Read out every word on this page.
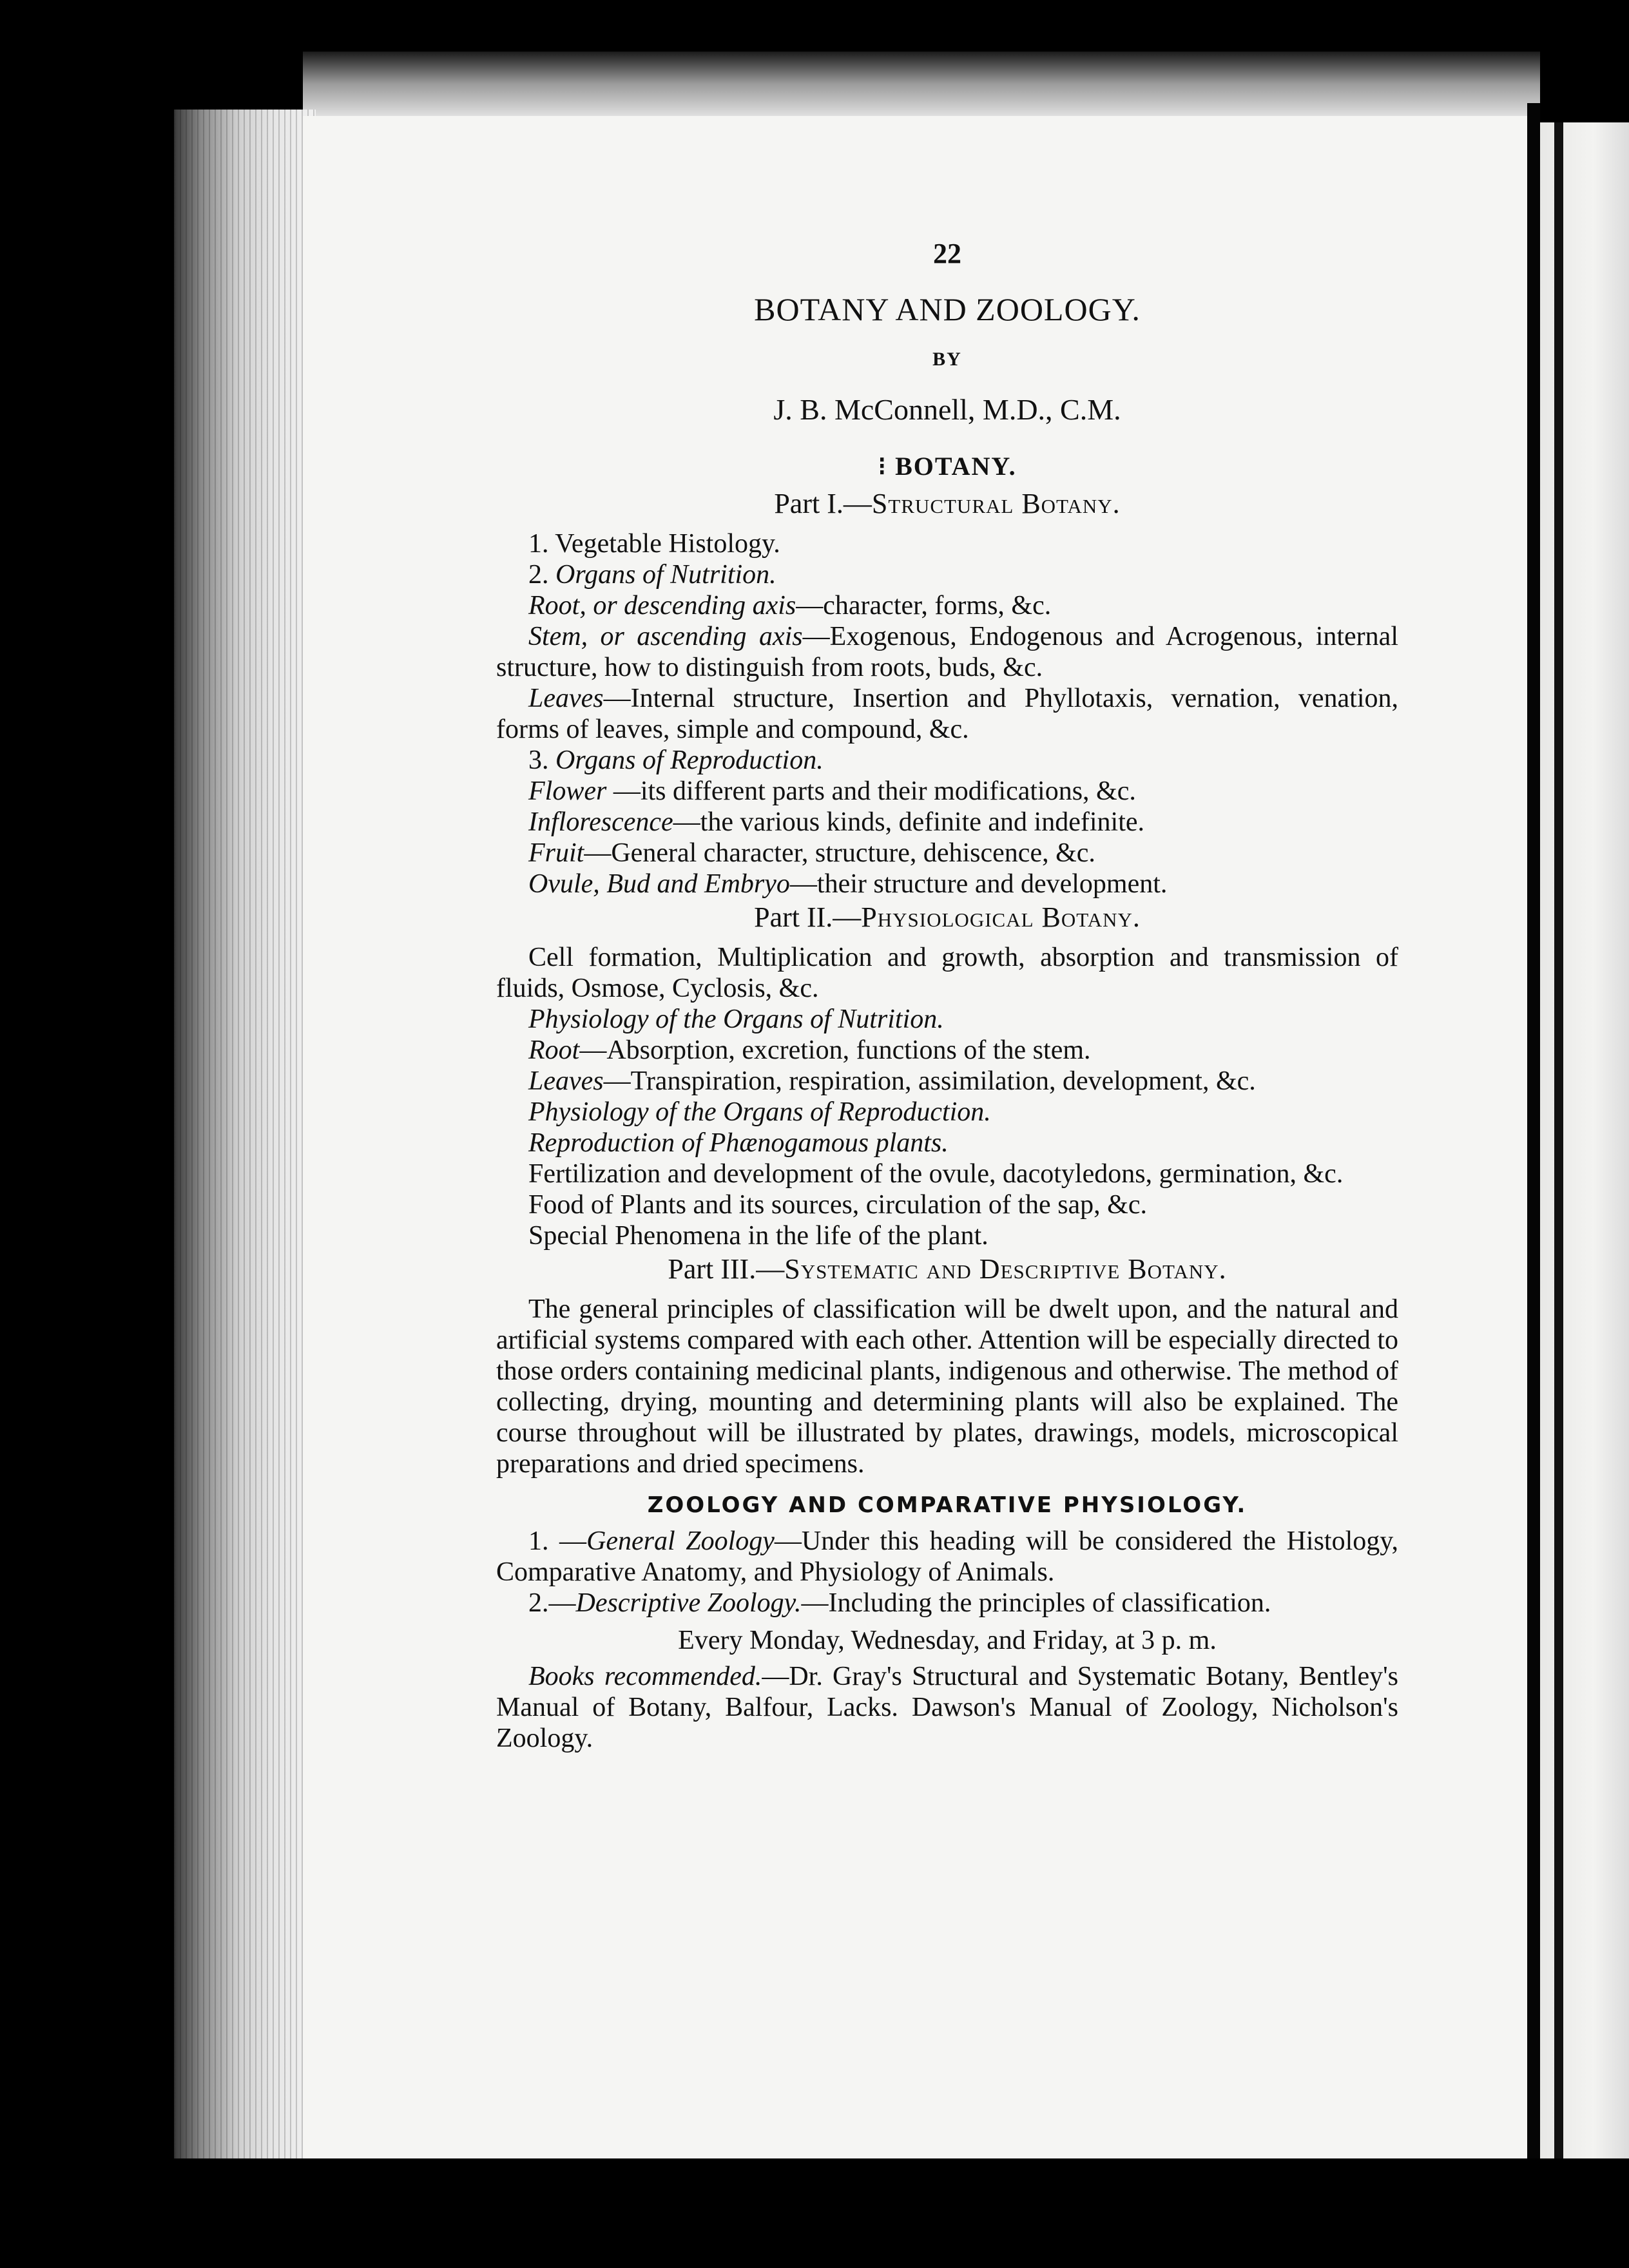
22
BOTANY AND ZOOLOGY.
BY
J. B. McConnell, M.D., C.M.
⁝ BOTANY.
Part I.—Structural Botany.

1. Vegetable Histology.

2. Organs of Nutrition.

Root, or descending axis—character, forms, &c.

Stem, or ascending axis—Exogenous, Endogenous and Acrogenous, internal structure, how to distinguish from roots, buds, &c.

Leaves—Internal structure, Insertion and Phyllotaxis, vernation, venation, forms of leaves, simple and compound, &c.

3. Organs of Reproduction.

Flower —its different parts and their modifications, &c.

Inflorescence—the various kinds, definite and indefinite.

Fruit—General character, structure, dehiscence, &c.

Ovule, Bud and Embryo—their structure and development.

Part II.—Physiological Botany.

Cell formation, Multiplication and growth, absorption and transmission of fluids, Osmose, Cyclosis, &c.

Physiology of the Organs of Nutrition.

Root—Absorption, excretion, functions of the stem.

Leaves—Transpiration, respiration, assimilation, development, &c.

Physiology of the Organs of Reproduction.

Reproduction of Phænogamous plants.

Fertilization and development of the ovule, dacotyledons, germination, &c.

Food of Plants and its sources, circulation of the sap, &c.

Special Phenomena in the life of the plant.

Part III.—Systematic and Descriptive Botany.

The general principles of classification will be dwelt upon, and the natural and artificial systems compared with each other. Attention will be especially directed to those orders containing medicinal plants, indigenous and otherwise. The method of collecting, drying, mounting and determining plants will also be explained. The course throughout will be illustrated by plates, drawings, models, microscopical preparations and dried specimens.

ZOOLOGY AND COMPARATIVE PHYSIOLOGY.

1. —General Zoology—Under this heading will be considered the Histology, Comparative Anatomy, and Physiology of Animals.

2.—Descriptive Zoology.—Including the principles of classification.

Every Monday, Wednesday, and Friday, at 3 p. m.

Books recommended.—Dr. Gray's Structural and Systematic Botany, Bentley's Manual of Botany, Balfour, Lacks. Dawson's Manual of Zoology, Nicholson's Zoology.
